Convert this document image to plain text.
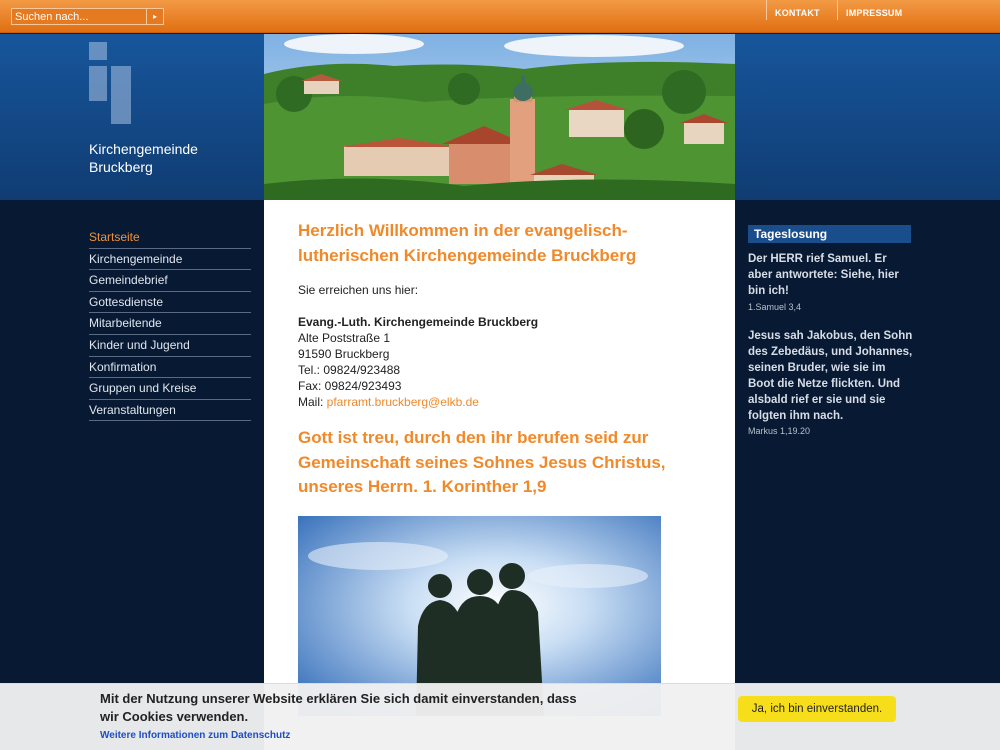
Suchen nach...
▸	KONTAKT	IMPRESSUM
Kirchengemeinde
Bruckberg
Startseite
Kirchengemeinde
Gemeindebrief
Gottesdienste
Mitarbeitende
Kinder und Jugend
Konfirmation
Gruppen und Kreise
Veranstaltungen
Herzlich Willkommen in der evangelisch-lutherischen Kirchengemeinde Bruckberg
Sie erreichen uns hier:
Evang.-Luth. Kirchengemeinde Bruckberg
Alte Poststraße 1
91590 Bruckberg
Tel.: 09824/923488
Fax: 09824/923493
Mail: pfarramt.bruckberg@elkb.de
Gott ist treu, durch den ihr berufen seid zur Gemeinschaft seines Sohnes Jesus Christus, unseres Herrn. 1. Korinther 1,9
Tageslosung
Der HERR rief Samuel. Er aber antwortete: Siehe, hier bin ich!
1.Samuel 3,4
Jesus sah Jakobus, den Sohn des Zebedäus, und Johannes, seinen Bruder, wie sie im Boot die Netze flickten. Und alsbald rief er sie und sie folgten ihm nach.
Markus 1,19.20
Mit der Nutzung unserer Website erklären Sie sich damit einverstanden, dass wir Cookies verwenden.
Weitere Informationen zum Datenschutz
Ja, ich bin einverstanden.
